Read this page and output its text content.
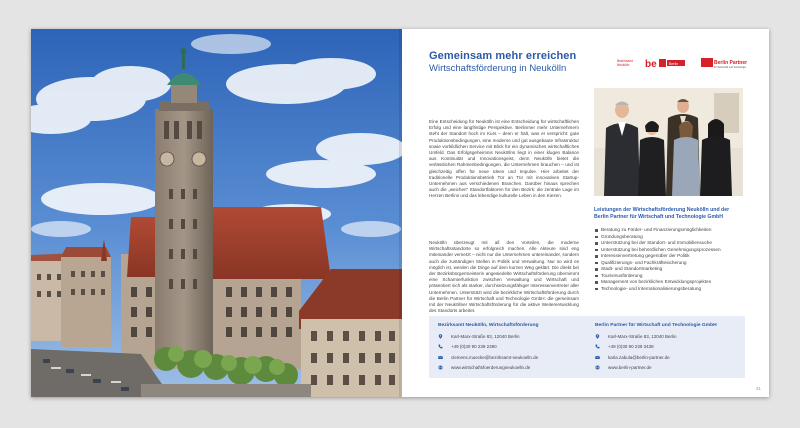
Gemeinsam mehr erreichen
Wirtschaftsförderung in Neukölln
Bezirksamt
Neukölln be	Berlin	Berlin Partner
für Wirtschaft und Technologie
Eine Entscheidung für Neukölln ist eine Entscheidung für wirtschaftlichen Erfolg und eine langfristige Perspektive. Berlinmer mehr Unternehmern steht der Standort hoch im Kurs – denn er hält, was er verspricht: gute Produktionsbedingungen, eine moderne und gut ausgebaute Infrastruktur sowie vorbildlichen Service mit Blick für ein dynamisches wirtschaftliches Umfeld. Das Erfolgsgeheimnis Neuköllns liegt in einer klugen Balance aus Kontinuität und Innovationsgeist, denn Neukölln bietet die verlässlichen Rahmenbedingungen, die Unternehmen brauchen – und ist gleichzeitig offen für neue Ideen und Impulse. Hier arbeitet der traditionelle Produktionsbetrieb Tür an Tür mit innovativen Startup-Unternehmen aus verschiedenen Branchen. Darüber hinaus sprechen auch die „weichen“ Standortfaktoren für den Bezirk: die zentrale Lage im Herzen Berlins und das lebendige kulturelle Leben in den Kiezen.
Neukölln überzeugt mit all den Vorteilen, die moderne Wirtschaftsstandorte so erfolgreich machen. Alle Akteure sind eng miteinander vernetzt – nicht nur die Unternehmen untereinander, sondern auch die zuständigen Stellen in Politik und Verwaltung. Nur so wird es möglich ist, werden die Dinge auf dem kurzen Weg geklärt. Die direkt bei der Bezirksbürgermeisterin angesiedelte Wirtschaftsförderung übernimmt eine Scharnierfunktion zwischen Verwaltung und Wirtschaft und präsentiert sich als starker, durchsetzungsfähiger Interessenvertreter aller Unternehmen. Unterstützt wird die bezirkliche Wirtschaftsförderung durch die Berlin Partner für Wirtschaft und Technologie GmbH: die gemeinsam mit der Neuköllner Wirtschaftsförderung für die aktive Weiterentwicklung des Standorts arbeitet.
Leistungen der Wirtschaftsförderung Neukölln und der Berlin Partner für Wirtschaft und Technologie GmbH
Beratung zu Förder- und Finanzierungsmöglichkeiten
Gründungsberatung
Unterstützung bei der Standort- und Immobiliensuche
Unterstützung bei behördlichen Genehmigungsprozessen
Interessenvertretung gegenüber der Politik
Qualifizierungs- und Fachkräftesicherung
Stadt- und Standortmarketing
Tourismusförderung
Management von bezirklichen Entwicklungsprojekten
Technologie- und Internationalisierungsberatung
Bezirksamt Neukölln, Wirtschaftsförderung
Karl-Marx-Straße 83, 12040 Berlin
+49 (0)30 90 239 2390
clemens.muecke@bezirksamt-neukoelln.de
www.wirtschaftsfoerderungneukoelln.de
Berlin Partner für Wirtschaft und Technologie GmbH
Karl-Marx-Straße 83, 12040 Berlin
+49 (0)30 90 239 3438
karla.zabula@berlin-partner.de
www.berlin-partner.de
31
